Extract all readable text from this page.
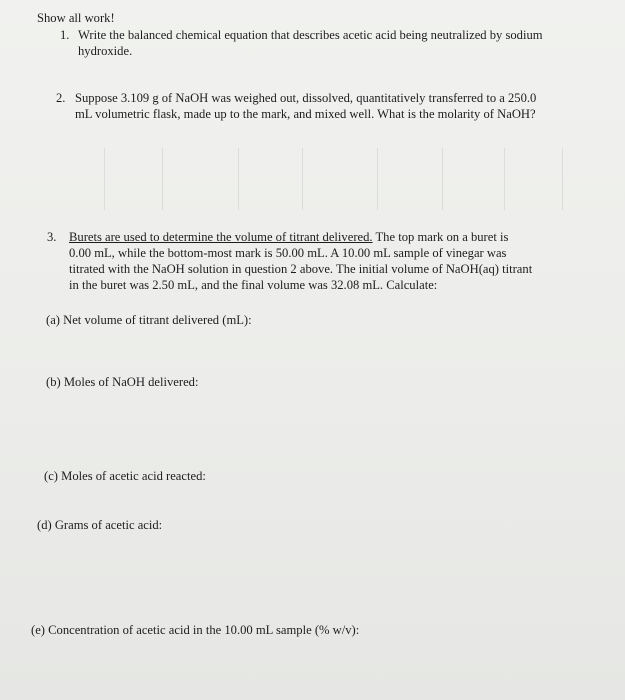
Show all work!
1. Write the balanced chemical equation that describes acetic acid being neutralized by sodium
hydroxide.
2. Suppose 3.109 g of NaOH was weighed out, dissolved, quantitatively transferred to a 250.0
mL volumetric flask, made up to the mark, and mixed well. What is the molarity of NaOH?
3. Burets are used to determine the volume of titrant delivered. The top mark on a buret is
0.00 mL, while the bottom-most mark is 50.00 mL. A 10.00 mL sample of vinegar was
titrated with the NaOH solution in question 2 above. The initial volume of NaOH(aq) titrant
in the buret was 2.50 mL, and the final volume was 32.08 mL. Calculate:
(a) Net volume of titrant delivered (mL):
(b) Moles of NaOH delivered:
(c) Moles of acetic acid reacted:
(d) Grams of acetic acid:
(e) Concentration of acetic acid in the 10.00 mL sample (% w/v):
